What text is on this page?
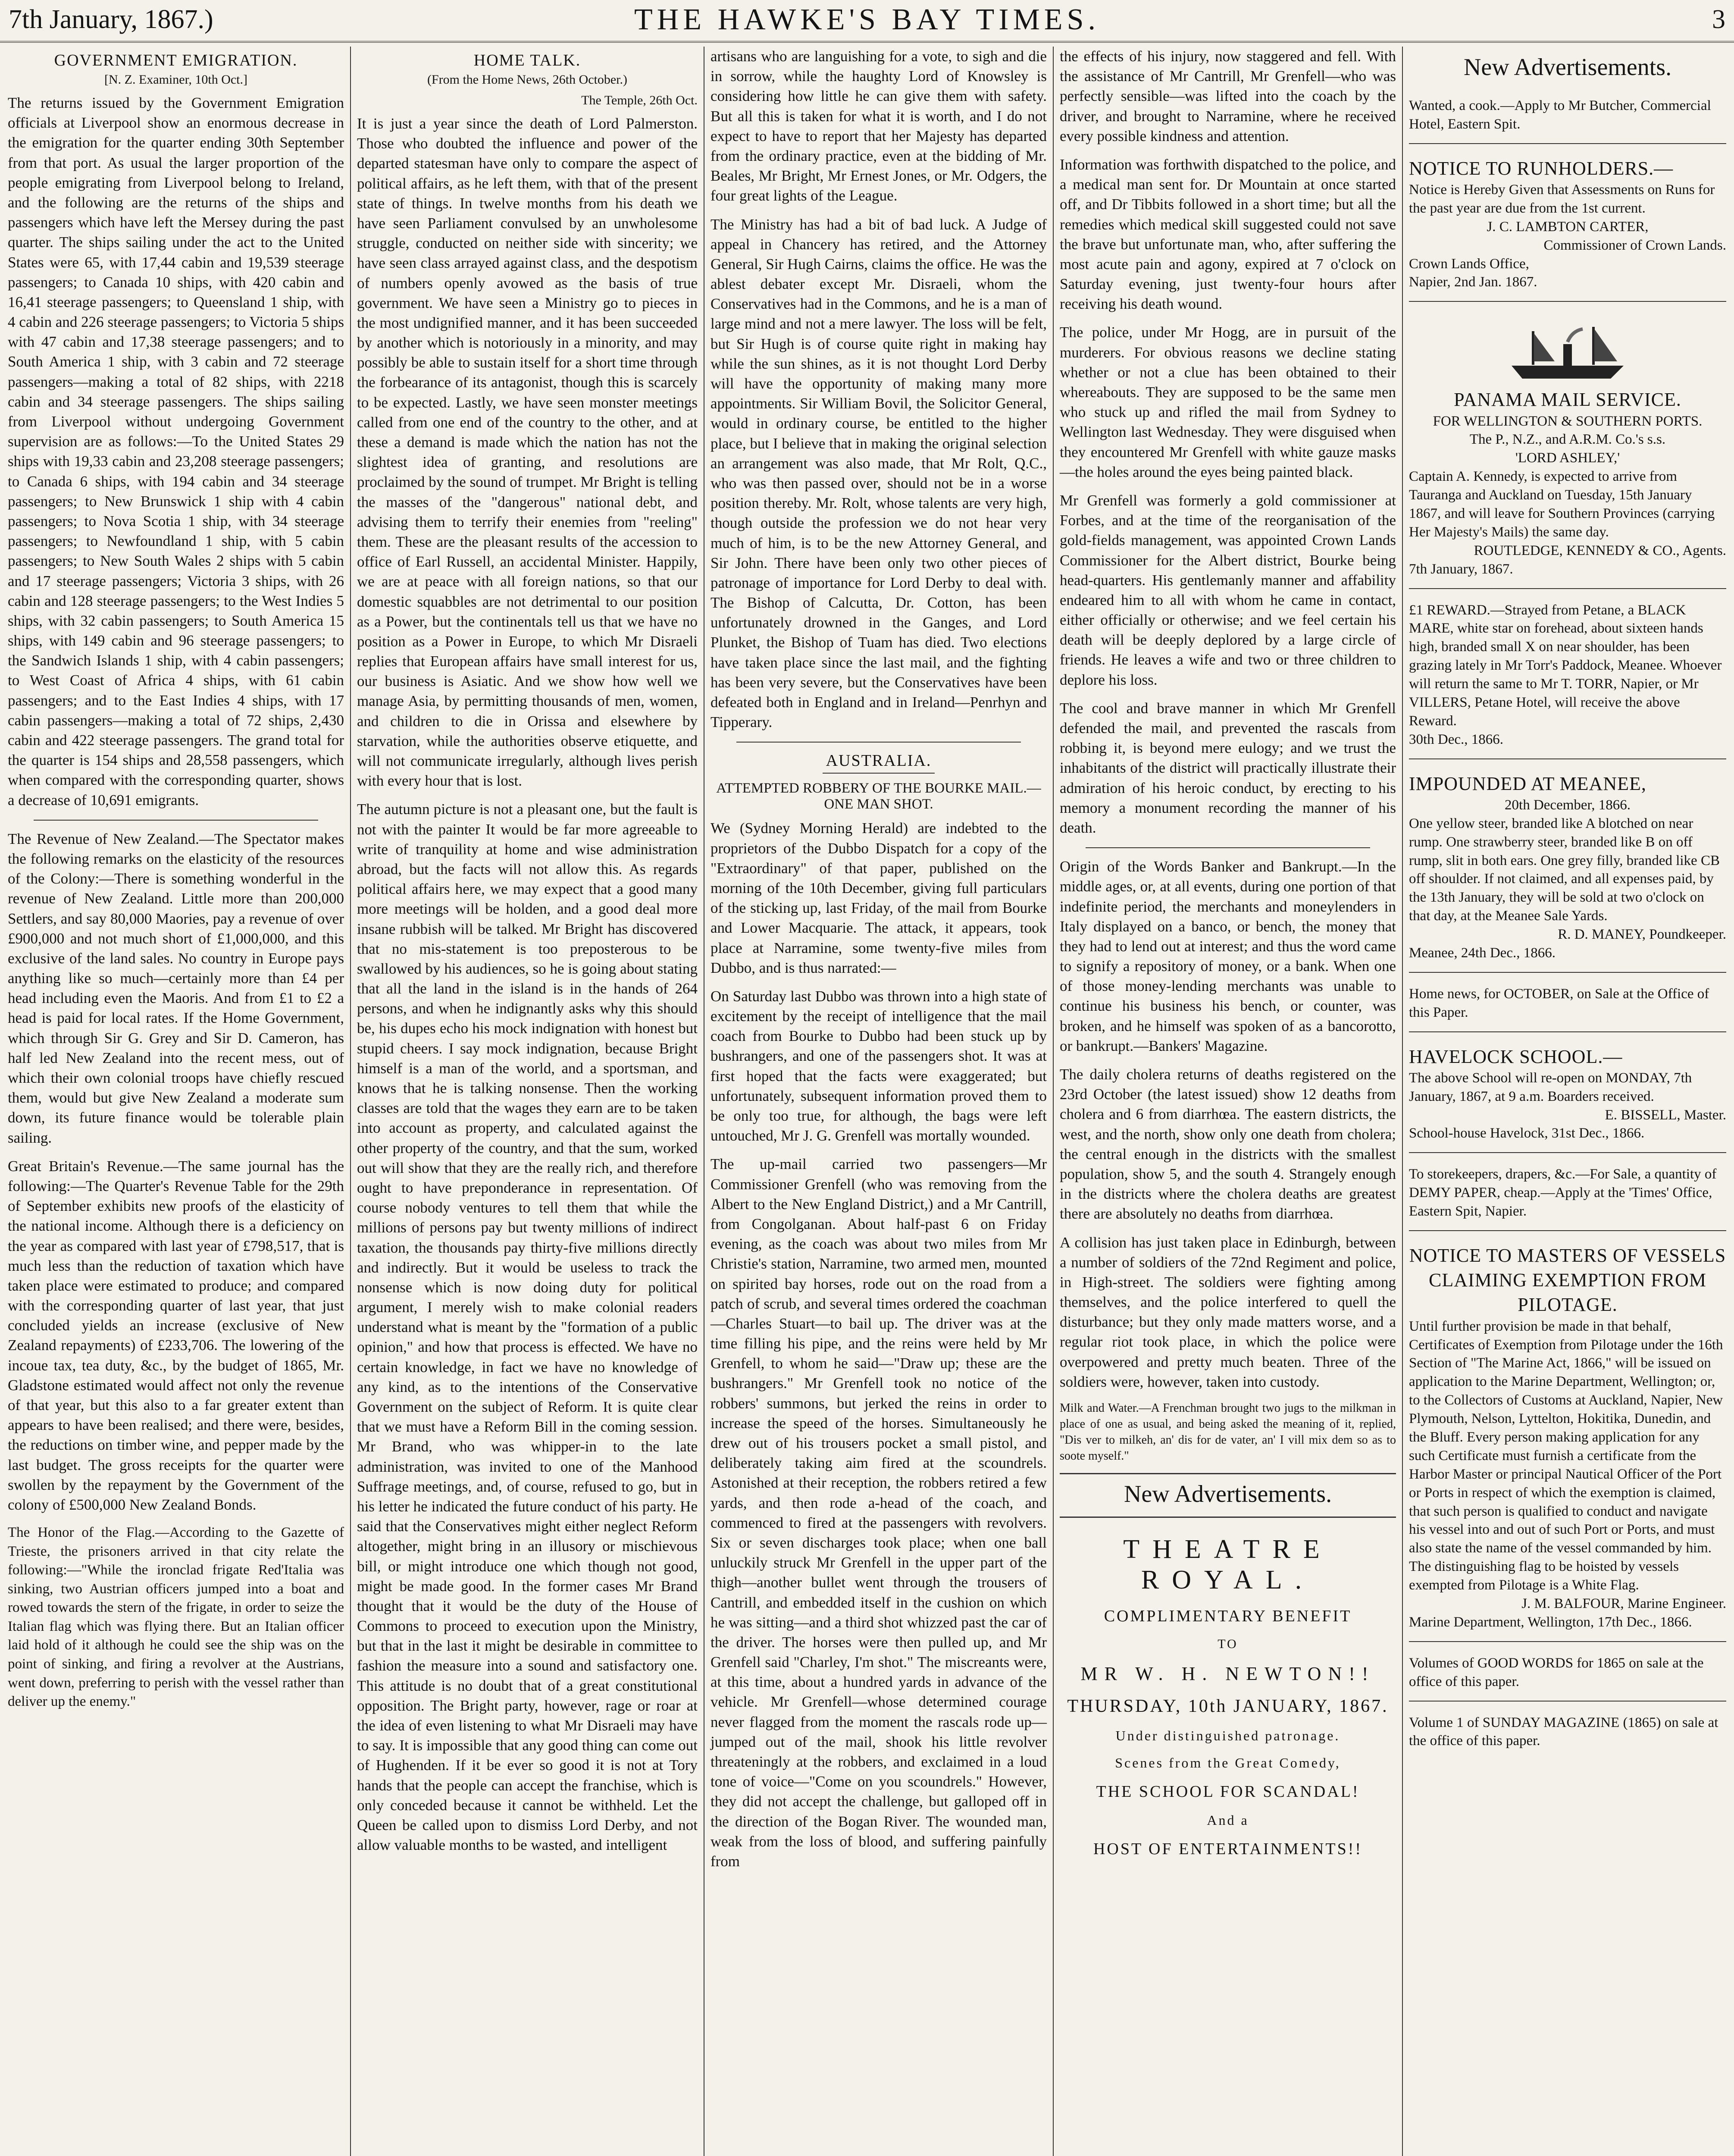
7th January, 1867.)	THE HAWKE'S BAY TIMES.	3
GOVERNMENT EMIGRATION.
[N. Z. Examiner, 10th Oct.]

The returns issued by the Government Emigration officials at Liverpool show an enormous decrease in the emigration for the quarter ending 30th September from that port. As usual the larger proportion of the people emigrating from Liverpool belong to Ireland, and the following are the returns of the ships and passengers which have left the Mersey during the past quarter. The ships sailing under the act to the United States were 65, with 17,44 cabin and 19,539 steerage passengers; to Canada 10 ships, with 420 cabin and 16,41 steerage passengers; to Queensland 1 ship, with 4 cabin and 226 steerage passengers; to Victoria 5 ships with 47 cabin and 17,38 steerage passengers; and to South America 1 ship, with 3 cabin and 72 steerage passengers—making a total of 82 ships, with 2218 cabin and 34 steerage passengers. The ships sailing from Liverpool without undergoing Government supervision are as follows:—To the United States 29 ships with 19,33 cabin and 23,208 steerage passengers; to Canada 6 ships, with 194 cabin and 34 steerage passengers; to New Brunswick 1 ship with 4 cabin passengers; to Nova Scotia 1 ship, with 34 steerage passengers; to Newfoundland 1 ship, with 5 cabin passengers; to New South Wales 2 ships with 5 cabin and 17 steerage passengers; Victoria 3 ships, with 26 cabin and 128 steerage passengers; to the West Indies 5 ships, with 32 cabin passengers; to South America 15 ships, with 149 cabin and 96 steerage passengers; to the Sandwich Islands 1 ship, with 4 cabin passengers; to West Coast of Africa 4 ships, with 61 cabin passengers; and to the East Indies 4 ships, with 17 cabin passengers—making a total of 72 ships, 2,430 cabin and 422 steerage passengers. The grand total for the quarter is 154 ships and 28,558 passengers, which when compared with the corresponding quarter, shows a decrease of 10,691 emigrants.

The Revenue of New Zealand.—The Spectator makes the following remarks on the elasticity of the resources of the Colony:—There is something wonderful in the revenue of New Zealand. Little more than 200,000 Settlers, and say 80,000 Maories, pay a revenue of over £900,000 and not much short of £1,000,000, and this exclusive of the land sales. No country in Europe pays anything like so much—certainly more than £4 per head including even the Maoris. And from £1 to £2 a head is paid for local rates. If the Home Government, which through Sir G. Grey and Sir D. Cameron, has half led New Zealand into the recent mess, out of which their own colonial troops have chiefly rescued them, would but give New Zealand a moderate sum down, its future finance would be tolerable plain sailing.

Great Britain's Revenue.—The same journal has the following:—The Quarter's Revenue Table for the 29th of September exhibits new proofs of the elasticity of the national income. Although there is a deficiency on the year as compared with last year of £798,517, that is much less than the reduction of taxation which have taken place were estimated to produce; and compared with the corresponding quarter of last year, that just concluded yields an increase (exclusive of New Zealand repayments) of £233,706. The lowering of the incoue tax, tea duty, &c., by the budget of 1865, Mr. Gladstone estimated would affect not only the revenue of that year, but this also to a far greater extent than appears to have been realised; and there were, besides, the reductions on timber wine, and pepper made by the last budget. The gross receipts for the quarter were swollen by the repayment by the Government of the colony of £500,000 New Zealand Bonds.

The Honor of the Flag.—According to the Gazette of Trieste, the prisoners arrived in that city relate the following:—"While the ironclad frigate Red'Italia was sinking, two Austrian officers jumped into a boat and rowed towards the stern of the frigate, in order to seize the Italian flag which was flying there. But an Italian officer laid hold of it although he could see the ship was on the point of sinking, and firing a revolver at the Austrians, went down, preferring to perish with the vessel rather than deliver up the enemy."

HOME TALK.
(From the Home News, 26th October.)
The Temple, 26th Oct.

It is just a year since the death of Lord Palmerston. Those who doubted the influence and power of the departed statesman have only to compare the aspect of political affairs, as he left them, with that of the present state of things. In twelve months from his death we have seen Parliament convulsed by an unwholesome struggle, conducted on neither side with sincerity; we have seen class arrayed against class, and the despotism of numbers openly avowed as the basis of true government. We have seen a Ministry go to pieces in the most undignified manner, and it has been succeeded by another which is notoriously in a minority, and may possibly be able to sustain itself for a short time through the forbearance of its antagonist, though this is scarcely to be expected. Lastly, we have seen monster meetings called from one end of the country to the other, and at these a demand is made which the nation has not the slightest idea of granting, and resolutions are proclaimed by the sound of trumpet. Mr Bright is telling the masses of the "dangerous" national debt, and advising them to terrify their enemies from "reeling" them. These are the pleasant results of the accession to office of Earl Russell, an accidental Minister. Happily, we are at peace with all foreign nations, so that our domestic squabbles are not detrimental to our position as a Power, but the continentals tell us that we have no position as a Power in Europe, to which Mr Disraeli replies that European affairs have small interest for us, our business is Asiatic. And we show how well we manage Asia, by permitting thousands of men, women, and children to die in Orissa and elsewhere by starvation, while the authorities observe etiquette, and will not communicate irregularly, although lives perish with every hour that is lost.

The autumn picture is not a pleasant one, but the fault is not with the painter It would be far more agreeable to write of tranquility at home and wise administration abroad, but the facts will not allow this. As regards political affairs here, we may expect that a good many more meetings will be holden, and a good deal more insane rubbish will be talked. Mr Bright has discovered that no mis-statement is too preposterous to be swallowed by his audiences, so he is going about stating that all the land in the island is in the hands of 264 persons, and when he indignantly asks why this should be, his dupes echo his mock indignation with honest but stupid cheers. I say mock indignation, because Bright himself is a man of the world, and a sportsman, and knows that he is talking nonsense. Then the working classes are told that the wages they earn are to be taken into account as property, and calculated against the other property of the country, and that the sum, worked out will show that they are the really rich, and therefore ought to have preponderance in representation. Of course nobody ventures to tell them that while the millions of persons pay but twenty millions of indirect taxation, the thousands pay thirty-five millions directly and indirectly. But it would be useless to track the nonsense which is now doing duty for political argument, I merely wish to make colonial readers understand what is meant by the "formation of a public opinion," and how that process is effected. We have no certain knowledge, in fact we have no knowledge of any kind, as to the intentions of the Conservative Government on the subject of Reform. It is quite clear that we must have a Reform Bill in the coming session. Mr Brand, who was whipper-in to the late administration, was invited to one of the Manhood Suffrage meetings, and, of course, refused to go, but in his letter he indicated the future conduct of his party. He said that the Conservatives might either neglect Reform altogether, might bring in an illusory or mischievous bill, or might introduce one which though not good, might be made good. In the former cases Mr Brand thought that it would be the duty of the House of Commons to proceed to execution upon the Ministry, but that in the last it might be desirable in committee to fashion the measure into a sound and satisfactory one. This attitude is no doubt that of a great constitutional opposition. The Bright party, however, rage or roar at the idea of even listening to what Mr Disraeli may have to say. It is impossible that any good thing can come out of Hughenden. If it be ever so good it is not at Tory hands that the people can accept the franchise, which is only conceded because it cannot be withheld. Let the Queen be called upon to dismiss Lord Derby, and not allow valuable months to be wasted, and intelligent

artisans who are languishing for a vote, to sigh and die in sorrow, while the haughty Lord of Knowsley is considering how little he can give them with safety. But all this is taken for what it is worth, and I do not expect to have to report that her Majesty has departed from the ordinary practice, even at the bidding of Mr. Beales, Mr Bright, Mr Ernest Jones, or Mr. Odgers, the four great lights of the League.

The Ministry has had a bit of bad luck. A Judge of appeal in Chancery has retired, and the Attorney General, Sir Hugh Cairns, claims the office. He was the ablest debater except Mr. Disraeli, whom the Conservatives had in the Commons, and he is a man of large mind and not a mere lawyer. The loss will be felt, but Sir Hugh is of course quite right in making hay while the sun shines, as it is not thought Lord Derby will have the opportunity of making many more appointments. Sir William Bovil, the Solicitor General, would in ordinary course, be entitled to the higher place, but I believe that in making the original selection an arrangement was also made, that Mr Rolt, Q.C., who was then passed over, should not be in a worse position thereby. Mr. Rolt, whose talents are very high, though outside the profession we do not hear very much of him, is to be the new Attorney General, and Sir John. There have been only two other pieces of patronage of importance for Lord Derby to deal with. The Bishop of Calcutta, Dr. Cotton, has been unfortunately drowned in the Ganges, and Lord Plunket, the Bishop of Tuam has died. Two elections have taken place since the last mail, and the fighting has been very severe, but the Conservatives have been defeated both in England and in Ireland—Penrhyn and Tipperary.

AUSTRALIA.
ATTEMPTED ROBBERY OF THE BOURKE MAIL.—ONE MAN SHOT.

We (Sydney Morning Herald) are indebted to the proprietors of the Dubbo Dispatch for a copy of the "Extraordinary" of that paper, published on the morning of the 10th December, giving full particulars of the sticking up, last Friday, of the mail from Bourke and Lower Macquarie. The attack, it appears, took place at Narramine, some twenty-five miles from Dubbo, and is thus narrated:—

On Saturday last Dubbo was thrown into a high state of excitement by the receipt of intelligence that the mail coach from Bourke to Dubbo had been stuck up by bushrangers, and one of the passengers shot. It was at first hoped that the facts were exaggerated; but unfortunately, subsequent information proved them to be only too true, for although, the bags were left untouched, Mr J. G. Grenfell was mortally wounded.

The up-mail carried two passengers—Mr Commissioner Grenfell (who was removing from the Albert to the New England District,) and a Mr Cantrill, from Congolganan. About half-past 6 on Friday evening, as the coach was about two miles from Mr Christie's station, Narramine, two armed men, mounted on spirited bay horses, rode out on the road from a patch of scrub, and several times ordered the coachman—Charles Stuart—to bail up. The driver was at the time filling his pipe, and the reins were held by Mr Grenfell, to whom he said—"Draw up; these are the bushrangers." Mr Grenfell took no notice of the robbers' summons, but jerked the reins in order to increase the speed of the horses. Simultaneously he drew out of his trousers pocket a small pistol, and deliberately taking aim fired at the scoundrels. Astonished at their reception, the robbers retired a few yards, and then rode a-head of the coach, and commenced to fired at the passengers with revolvers. Six or seven discharges took place; when one ball unluckily struck Mr Grenfell in the upper part of the thigh—another bullet went through the trousers of Cantrill, and embedded itself in the cushion on which he was sitting—and a third shot whizzed past the car of the driver. The horses were then pulled up, and Mr Grenfell said "Charley, I'm shot." The miscreants were, at this time, about a hundred yards in advance of the vehicle. Mr Grenfell—whose determined courage never flagged from the moment the rascals rode up—jumped out of the mail, shook his little revolver threateningly at the robbers, and exclaimed in a loud tone of voice—"Come on you scoundrels." However, they did not accept the challenge, but galloped off in the direction of the Bogan River. The wounded man, weak from the loss of blood, and suffering painfully from

the effects of his injury, now staggered and fell. With the assistance of Mr Cantrill, Mr Grenfell—who was perfectly sensible—was lifted into the coach by the driver, and brought to Narramine, where he received every possible kindness and attention.

Information was forthwith dispatched to the police, and a medical man sent for. Dr Mountain at once started off, and Dr Tibbits followed in a short time; but all the remedies which medical skill suggested could not save the brave but unfortunate man, who, after suffering the most acute pain and agony, expired at 7 o'clock on Saturday evening, just twenty-four hours after receiving his death wound.

The police, under Mr Hogg, are in pursuit of the murderers. For obvious reasons we decline stating whether or not a clue has been obtained to their whereabouts. They are supposed to be the same men who stuck up and rifled the mail from Sydney to Wellington last Wednesday. They were disguised when they encountered Mr Grenfell with white gauze masks—the holes around the eyes being painted black.

Mr Grenfell was formerly a gold commissioner at Forbes, and at the time of the reorganisation of the gold-fields management, was appointed Crown Lands Commissioner for the Albert district, Bourke being head-quarters. His gentlemanly manner and affability endeared him to all with whom he came in contact, either officially or otherwise; and we feel certain his death will be deeply deplored by a large circle of friends. He leaves a wife and two or three children to deplore his loss.

The cool and brave manner in which Mr Grenfell defended the mail, and prevented the rascals from robbing it, is beyond mere eulogy; and we trust the inhabitants of the district will practically illustrate their admiration of his heroic conduct, by erecting to his memory a monument recording the manner of his death.

Origin of the Words Banker and Bankrupt.—In the middle ages, or, at all events, during one portion of that indefinite period, the merchants and moneylenders in Italy displayed on a banco, or bench, the money that they had to lend out at interest; and thus the word came to signify a repository of money, or a bank. When one of those money-lending merchants was unable to continue his business his bench, or counter, was broken, and he himself was spoken of as a bancorotto, or bankrupt.—Bankers' Magazine.

The daily cholera returns of deaths registered on the 23rd October (the latest issued) show 12 deaths from cholera and 6 from diarrhœa. The eastern districts, the west, and the north, show only one death from cholera; the central enough in the districts with the smallest population, show 5, and the south 4. Strangely enough in the districts where the cholera deaths are greatest there are absolutely no deaths from diarrhœa.

A collision has just taken place in Edinburgh, between a number of soldiers of the 72nd Regiment and police, in High-street. The soldiers were fighting among themselves, and the police interfered to quell the disturbance; but they only made matters worse, and a regular riot took place, in which the police were overpowered and pretty much beaten. Three of the soldiers were, however, taken into custody.

Milk and Water.—A Frenchman brought two jugs to the milkman in place of one as usual, and being asked the meaning of it, replied, "Dis ver to milkeh, an' dis for de vater, an' I vill mix dem so as to soote myself."

New Advertisements.
THEATRE ROYAL.
COMPLIMENTARY BENEFIT
TO
MR W. H. NEWTON!!
THURSDAY, 10th JANUARY, 1867.
Under distinguished patronage.
Scenes from the Great Comedy,
THE SCHOOL FOR SCANDAL!
And a
HOST OF ENTERTAINMENTS!!
New Advertisements.
Wanted, a cook.—Apply to Mr Butcher, Commercial Hotel, Eastern Spit.
NOTICE TO RUNHOLDERS.—
Notice is Hereby Given that Assessments on Runs for the past year are due from the 1st current.
J. C. LAMBTON CARTER,
Commissioner of Crown Lands.
Crown Lands Office,
Napier, 2nd Jan. 1867.
PANAMA MAIL SERVICE.
FOR WELLINGTON & SOUTHERN PORTS.
The P., N.Z., and A.R.M. Co.'s s.s.
'LORD ASHLEY,'
Captain A. Kennedy, is expected to arrive from Tauranga and Auckland on Tuesday, 15th January 1867, and will leave for Southern Provinces (carrying Her Majesty's Mails) the same day.
ROUTLEDGE, KENNEDY & CO., Agents.
7th January, 1867.
£1 REWARD.—Strayed from Petane, a BLACK MARE, white star on forehead, about sixteen hands high, branded small X on near shoulder, has been grazing lately in Mr Torr's Paddock, Meanee. Whoever will return the same to Mr T. TORR, Napier, or Mr VILLERS, Petane Hotel, will receive the above Reward.
30th Dec., 1866.
IMPOUNDED AT MEANEE,
20th December, 1866.
One yellow steer, branded like A blotched on near rump. One strawberry steer, branded like B on off rump, slit in both ears. One grey filly, branded like CB off shoulder. If not claimed, and all expenses paid, by the 13th January, they will be sold at two o'clock on that day, at the Meanee Sale Yards.
R. D. MANEY, Poundkeeper.
Meanee, 24th Dec., 1866.
Home news, for OCTOBER, on Sale at the Office of this Paper.
HAVELOCK SCHOOL.—
The above School will re-open on MONDAY, 7th January, 1867, at 9 a.m. Boarders received.
E. BISSELL, Master.
School-house Havelock, 31st Dec., 1866.
To storekeepers, drapers, &c.—For Sale, a quantity of DEMY PAPER, cheap.—Apply at the 'Times' Office, Eastern Spit, Napier.
NOTICE TO MASTERS OF VESSELS CLAIMING EXEMPTION FROM PILOTAGE.
Until further provision be made in that behalf, Certificates of Exemption from Pilotage under the 16th Section of "The Marine Act, 1866," will be issued on application to the Marine Department, Wellington; or, to the Collectors of Customs at Auckland, Napier, New Plymouth, Nelson, Lyttelton, Hokitika, Dunedin, and the Bluff. Every person making application for any such Certificate must furnish a certificate from the Harbor Master or principal Nautical Officer of the Port or Ports in respect of which the exemption is claimed, that such person is qualified to conduct and navigate his vessel into and out of such Port or Ports, and must also state the name of the vessel commanded by him. The distinguishing flag to be hoisted by vessels exempted from Pilotage is a White Flag.
J. M. BALFOUR, Marine Engineer.
Marine Department, Wellington, 17th Dec., 1866.
Volumes of GOOD WORDS for 1865 on sale at the office of this paper.
Volume 1 of SUNDAY MAGAZINE (1865) on sale at the office of this paper.
